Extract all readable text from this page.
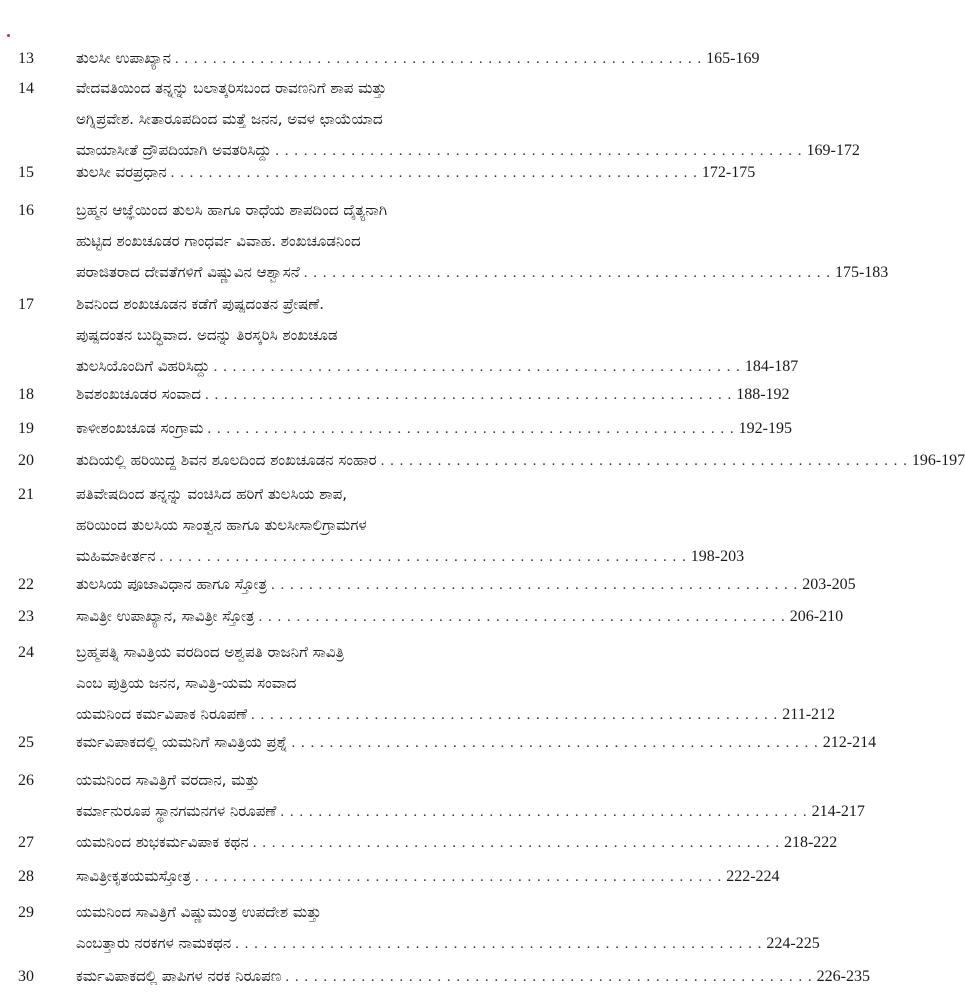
13	ತುಲಸೀ ಉಪಾಖ್ಯಾನ . . . . . . . . . . . . . . . . . . . . . . . . . . . . . . . . . . . . . . . . . . . . . . . . . . . . . . . . 165-169
14	ವೇದವತಿಯಿಂದ ತನ್ನನ್ನು ಬಲಾತ್ಕರಿಸಬಂದ ರಾವಣನಿಗೆ ಶಾಪ ಮತ್ತು
ಅಗ್ನಿಪ್ರವೇಶ. ಸೀತಾರೂಪದಿಂದ ಮತ್ತೆ ಜನನ, ಅವಳ ಛಾಯೆಯಾದ
ಮಾಯಾಸೀತೆ ದ್ರೌಪದಿಯಾಗಿ ಅವತರಿಸಿದ್ದು . . . . . . . . . . . . . . . . . . . . . . . . . . . . . . . . . . . . . . . . . . . . . . . . . . . . . . . . 169-172
15	ತುಲಸೀ ವರಪ್ರಧಾನ . . . . . . . . . . . . . . . . . . . . . . . . . . . . . . . . . . . . . . . . . . . . . . . . . . . . . . . . 172-175
16	ಬ್ರಹ್ಮನ ಆಜ್ಞೆಯಿಂದ ತುಲಸಿ ಹಾಗೂ ರಾಧೆಯ ಶಾಪದಿಂದ ದೈತ್ಯನಾಗಿ
ಹುಟ್ಟಿದ ಶಂಖಚೂಡರ ಗಾಂಧರ್ವ ವಿವಾಹ. ಶಂಖಚೂಡನಿಂದ
ಪರಾಜಿತರಾದ ದೇವತೆಗಳಿಗೆ ವಿಷ್ಣುವಿನ ಆಶ್ವಾಸನೆ . . . . . . . . . . . . . . . . . . . . . . . . . . . . . . . . . . . . . . . . . . . . . . . . . . . . . . . . 175-183
17	ಶಿವನಿಂದ ಶಂಖಚೂಡನ ಕಡೆಗೆ ಪುಷ್ಪದಂತನ ಪ್ರೇಷಣೆ.
ಪುಷ್ಪದಂತನ ಬುದ್ಧಿವಾದ. ಅದನ್ನು ತಿರಸ್ಕರಿಸಿ ಶಂಖಚೂಡ
ತುಲಸಿಯೊಂದಿಗೆ ವಿಹರಿಸಿದ್ದು . . . . . . . . . . . . . . . . . . . . . . . . . . . . . . . . . . . . . . . . . . . . . . . . . . . . . . . . 184-187
18	ಶಿವಶಂಖಚೂಡರ ಸಂವಾದ . . . . . . . . . . . . . . . . . . . . . . . . . . . . . . . . . . . . . . . . . . . . . . . . . . . . . . . . 188-192
19	ಕಾಳೀಶಂಖಚೂಡ ಸಂಗ್ರಾಮ . . . . . . . . . . . . . . . . . . . . . . . . . . . . . . . . . . . . . . . . . . . . . . . . . . . . . . . . 192-195
20	ತುದಿಯಲ್ಲಿ ಹರಿಯಿದ್ದ ಶಿವನ ಶೂಲದಿಂದ ಶಂಖಚೂಡನ ಸಂಹಾರ . . . . . . . . . . . . . . . . . . . . . . . . . . . . . . . . . . . . . . . . . . . . . . . . . . . . . . . . 196-197
21	ಪತಿವೇಷದಿಂದ ತನ್ನನ್ನು ವಂಚಿಸಿದ ಹರಿಗೆ ತುಲಸಿಯ ಶಾಪ,
ಹರಿಯಿಂದ ತುಲಸಿಯ ಸಾಂತ್ವನ ಹಾಗೂ ತುಲಸೀಸಾಲಿಗ್ರಾಮಗಳ
ಮಹಿಮಾಕೀರ್ತನ . . . . . . . . . . . . . . . . . . . . . . . . . . . . . . . . . . . . . . . . . . . . . . . . . . . . . . . . 198-203
22	ತುಲಸಿಯ ಪೂಜಾವಿಧಾನ ಹಾಗೂ ಸ್ತೋತ್ರ . . . . . . . . . . . . . . . . . . . . . . . . . . . . . . . . . . . . . . . . . . . . . . . . . . . . . . . . 203-205
23	ಸಾವಿತ್ರೀ ಉಪಾಖ್ಯಾನ, ಸಾವಿತ್ರೀ ಸ್ತೋತ್ರ . . . . . . . . . . . . . . . . . . . . . . . . . . . . . . . . . . . . . . . . . . . . . . . . . . . . . . . . 206-210
24	ಬ್ರಹ್ಮಪತ್ನಿ ಸಾವಿತ್ರಿಯ ವರದಿಂದ ಅಶ್ವಪತಿ ರಾಜನಿಗೆ ಸಾವಿತ್ರಿ
ಎಂಬ ಪುತ್ರಿಯ ಜನನ, ಸಾವಿತ್ರಿ-ಯಮ ಸಂವಾದ
ಯಮನಿಂದ ಕರ್ಮವಿಪಾಕ ನಿರೂಪಣೆ . . . . . . . . . . . . . . . . . . . . . . . . . . . . . . . . . . . . . . . . . . . . . . . . . . . . . . . . 211-212
25	ಕರ್ಮವಿಪಾಕದಲ್ಲಿ ಯಮನಿಗೆ ಸಾವಿತ್ರಿಯ ಪ್ರಶ್ನೆ . . . . . . . . . . . . . . . . . . . . . . . . . . . . . . . . . . . . . . . . . . . . . . . . . . . . . . . . 212-214
26	ಯಮನಿಂದ ಸಾವಿತ್ರಿಗೆ ವರದಾನ, ಮತ್ತು
ಕರ್ಮಾನುರೂಪ ಸ್ಥಾನಗಮನಗಳ ನಿರೂಪಣೆ . . . . . . . . . . . . . . . . . . . . . . . . . . . . . . . . . . . . . . . . . . . . . . . . . . . . . . . . 214-217
27	ಯಮನಿಂದ ಶುಭಕರ್ಮವಿಪಾಕ ಕಥನ . . . . . . . . . . . . . . . . . . . . . . . . . . . . . . . . . . . . . . . . . . . . . . . . . . . . . . . . 218-222
28	ಸಾವಿತ್ರೀಕೃತಯಮಸ್ತೋತ್ರ . . . . . . . . . . . . . . . . . . . . . . . . . . . . . . . . . . . . . . . . . . . . . . . . . . . . . . . . 222-224
29	ಯಮನಿಂದ ಸಾವಿತ್ರಿಗೆ ವಿಷ್ಣುಮಂತ್ರ ಉಪದೇಶ ಮತ್ತು
ಎಂಬತ್ತಾರು ನರಕಗಳ ನಾಮಕಥನ . . . . . . . . . . . . . . . . . . . . . . . . . . . . . . . . . . . . . . . . . . . . . . . . . . . . . . . . 224-225
30	ಕರ್ಮವಿಪಾಕದಲ್ಲಿ ಪಾಪಿಗಳ ನರಕ ನಿರೂಪಣ . . . . . . . . . . . . . . . . . . . . . . . . . . . . . . . . . . . . . . . . . . . . . . . . . . . . . . . . 226-235
